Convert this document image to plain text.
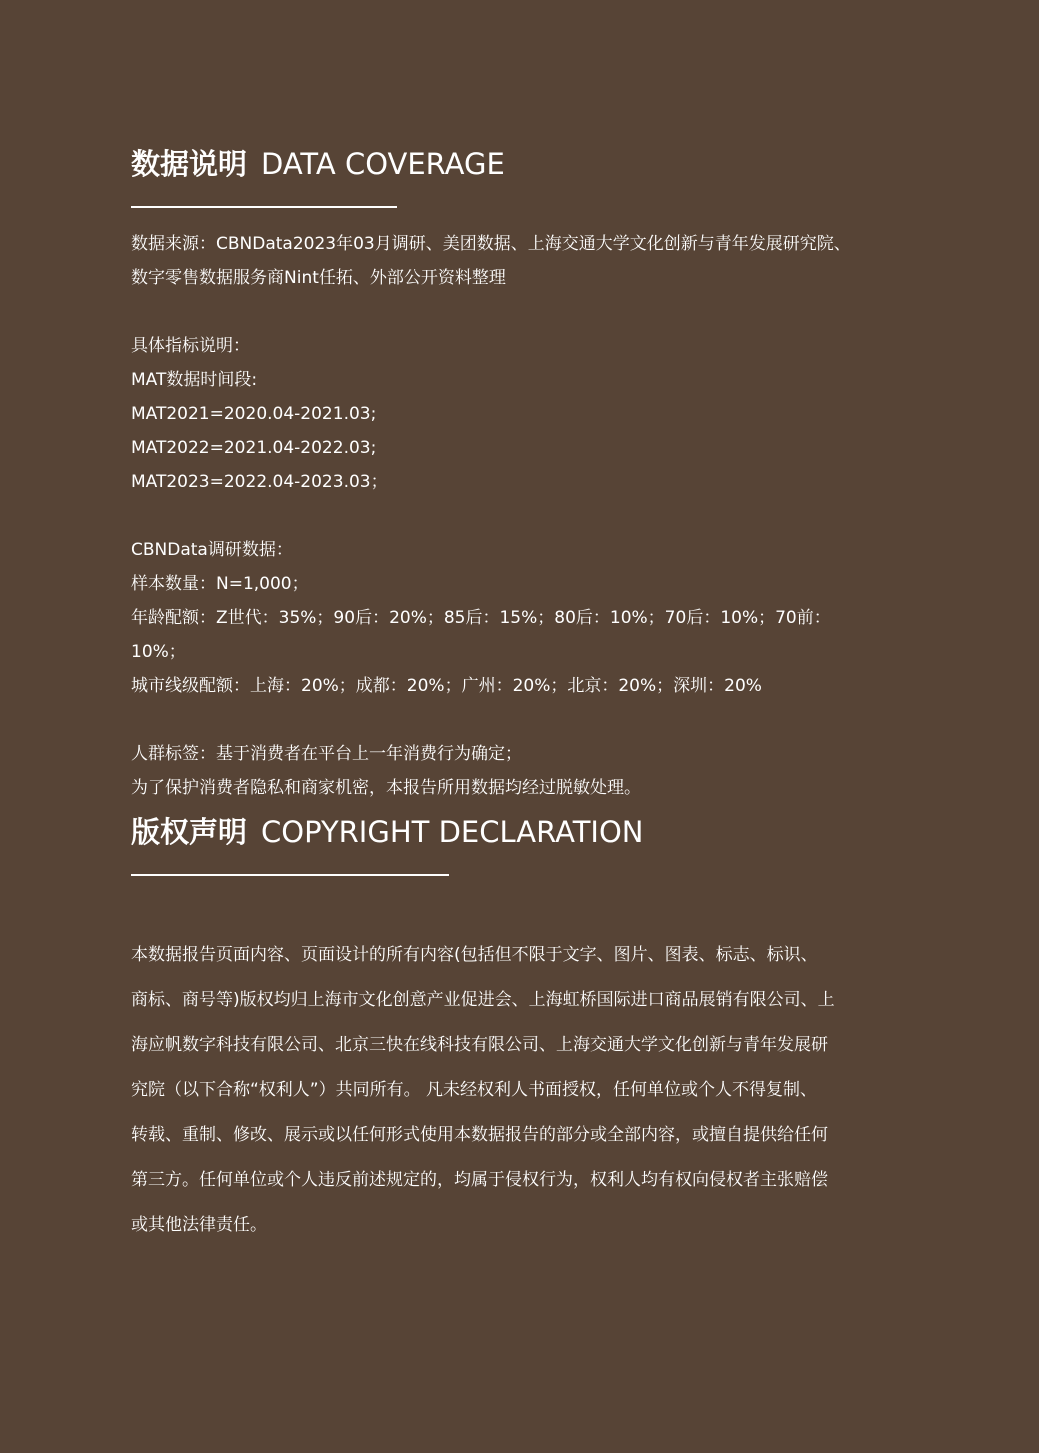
数据说明 DATA COVERAGE
数据来源：CBNData2023年03月调研、美团数据、上海交通大学文化创新与青年发展研究院、
数字零售数据服务商Nint任拓、外部公开资料整理
具体指标说明：
MAT数据时间段:
MAT2021=2020.04-2021.03;
MAT2022=2021.04-2022.03;
MAT2023=2022.04-2023.03；
CBNData调研数据：
样本数量：N=1,000；
年龄配额：Z世代：35%；90后：20%；85后：15%；80后：10%；70后：10%；70前：
10%；
城市线级配额：上海：20%；成都：20%；广州：20%；北京：20%；深圳：20%
人群标签：基于消费者在平台上一年消费行为确定；
为了保护消费者隐私和商家机密，本报告所用数据均经过脱敏处理。
版权声明 COPYRIGHT DECLARATION
本数据报告页面内容、页面设计的所有内容(包括但不限于文字、图片、图表、标志、标识、
商标、商号等)版权均归上海市文化创意产业促进会、上海虹桥国际进口商品展销有限公司、上
海应帆数字科技有限公司、北京三快在线科技有限公司、上海交通大学文化创新与青年发展研
究院（以下合称“权利人”）共同所有。 凡未经权利人书面授权，任何单位或个人不得复制、
转载、重制、修改、展示或以任何形式使用本数据报告的部分或全部内容，或擅自提供给任何
第三方。任何单位或个人违反前述规定的，均属于侵权行为，权利人均有权向侵权者主张赔偿
或其他法律责任。
